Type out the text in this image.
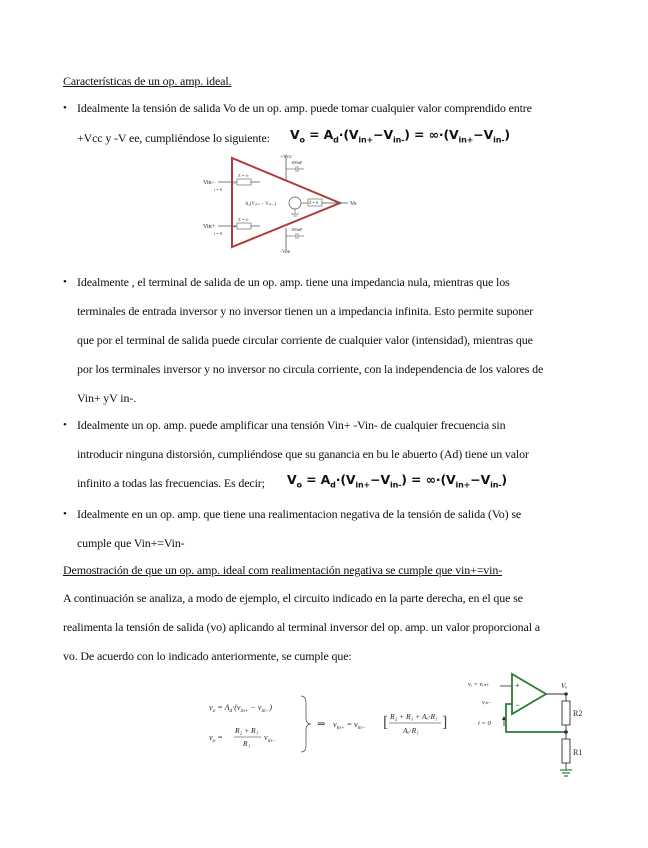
Características de un op. amp. ideal.
• Idealmente la tensión de salida Vo de un op. amp. puede tomar cualquier valor comprendido entre
+Vcc y -V ee, cumpliéndose lo siguiente: $V_o = A_d\cdot(V_{in+}-V_{in-}) = \infty\cdot(V_{in+}-V_{in-})$
+Vcc
-Vee
100nF
100nF
Vin−
Vin+
Z = ∞
Z = ∞
i = 0
i = 0
−
+
Aₐ(Vᵢₙ₊ − Vᵢₙ₋)	Z = 0	Vo
• Idealmente , el terminal de salida de un op. amp. tiene una impedancia nula, mientras que los
terminales de entrada inversor y no inversor tienen un a impedancia infinita. Esto permite suponer
que por el terminal de salida puede circular corriente de cualquier valor (intensidad), mientras que
por los terminales inversor y no inversor no circula corriente, con la independencia de los valores de
Vin+ yV in-.
• Idealmente un op. amp. puede amplificar una tensión Vin+ -Vin- de cualquier frecuencia sin
introducir ninguna distorsión, cumpliéndose que su ganancia en bu le abuerto (Ad) tiene un valor
infinito a todas las frecuencias. Es decir; $V_o = A_d\cdot(V_{in+}-V_{in-}) = \infty\cdot(V_{in+}-V_{in-})$
• Idealmente en un op. amp. que tiene una realimentacion negativa de la tensión de salida (Vo) se
cumple que Vin+=Vin-
Demostración de que un op. amp. ideal com realimentación negativa se cumple que vin+=vin-
A continuación se analiza, a modo de ejemplo, el circuito indicado en la parte derecha, en el que se
realimenta la tensión de salida (vo) aplicando al terminal inversor del op. amp. un valor proporcional a
vo. De acuerdo con lo indicado anteriormente, se cumple que:
$v_o = A_d\cdot(v_{in+} - v_{in-})$
$v_o$ =
R₂ + R₁
R₁
$v_{in-}$
⇒ $v_{in+} = v_{in-}$ [ R₂ + R₁ + Aₐ·R₁
Aₐ·R₁ ]
vᵢ = vᵢₙ₊
vᵢₙ₋
i = 0
+
−
Vₒ
R2
R1
